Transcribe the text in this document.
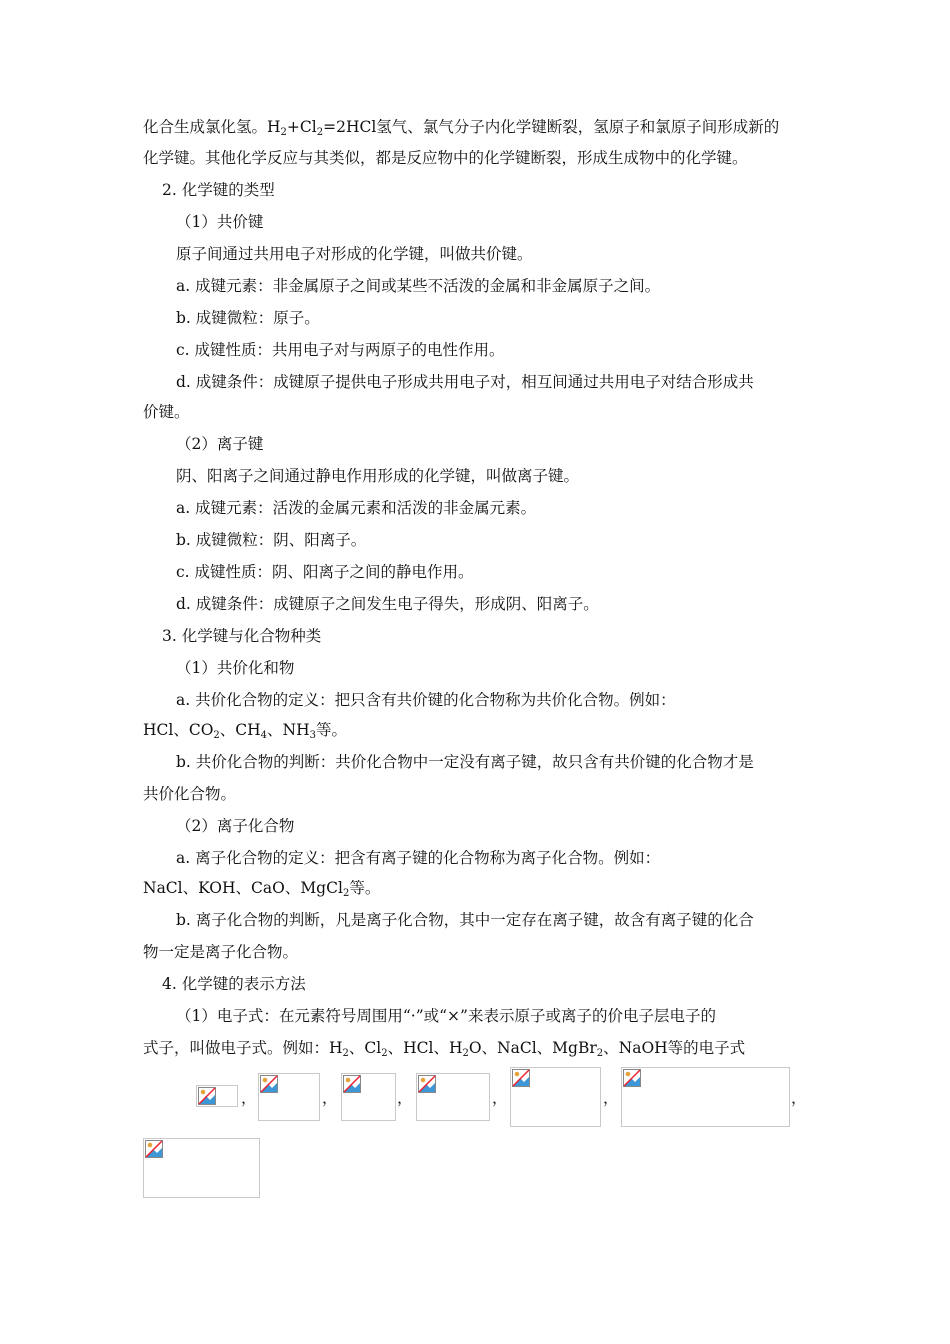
化合生成氯化氢。$H_2+Cl_2=2HCl$氢气、氯气分子内化学键断裂，氢原子和氯原子间形成新的
化学键。其他化学反应与其类似，都是反应物中的化学键断裂，形成生成物中的化学键。
2. 化学键的类型
（1）共价键
原子间通过共用电子对形成的化学键，叫做共价键。
a. 成键元素：非金属原子之间或某些不活泼的金属和非金属原子之间。
b. 成键微粒：原子。
c. 成键性质：共用电子对与两原子的电性作用。
d. 成键条件：成键原子提供电子形成共用电子对，相互间通过共用电子对结合形成共
价键。
（2）离子键
阴、阳离子之间通过静电作用形成的化学键，叫做离子键。
a. 成键元素：活泼的金属元素和活泼的非金属元素。
b. 成键微粒：阴、阳离子。
c. 成键性质：阴、阳离子之间的静电作用。
d. 成键条件：成键原子之间发生电子得失，形成阴、阳离子。
3. 化学键与化合物种类
（1）共价化和物
a. 共价化合物的定义：把只含有共价键的化合物称为共价化合物。例如：
HCl、$CO_2$、$CH_4$、$NH_3$等。
b. 共价化合物的判断：共价化合物中一定没有离子键，故只含有共价键的化合物才是
共价化合物。
（2）离子化合物
a. 离子化合物的定义：把含有离子键的化合物称为离子化合物。例如：
NaCl、KOH、CaO、MgCl$_2$等。
b. 离子化合物的判断，凡是离子化合物，其中一定存在离子键，故含有离子键的化合
物一定是离子化合物。
4. 化学键的表示方法
（1）电子式：在元素符号周围用“·”或“×”来表示原子或离子的价电子层电子的
式子，叫做电子式。例如：$H_2$、$Cl_2$、HCl、$H_2O$、NaCl、MgBr$_2$、NaOH等的电子式
，	，	，	，	，	，
